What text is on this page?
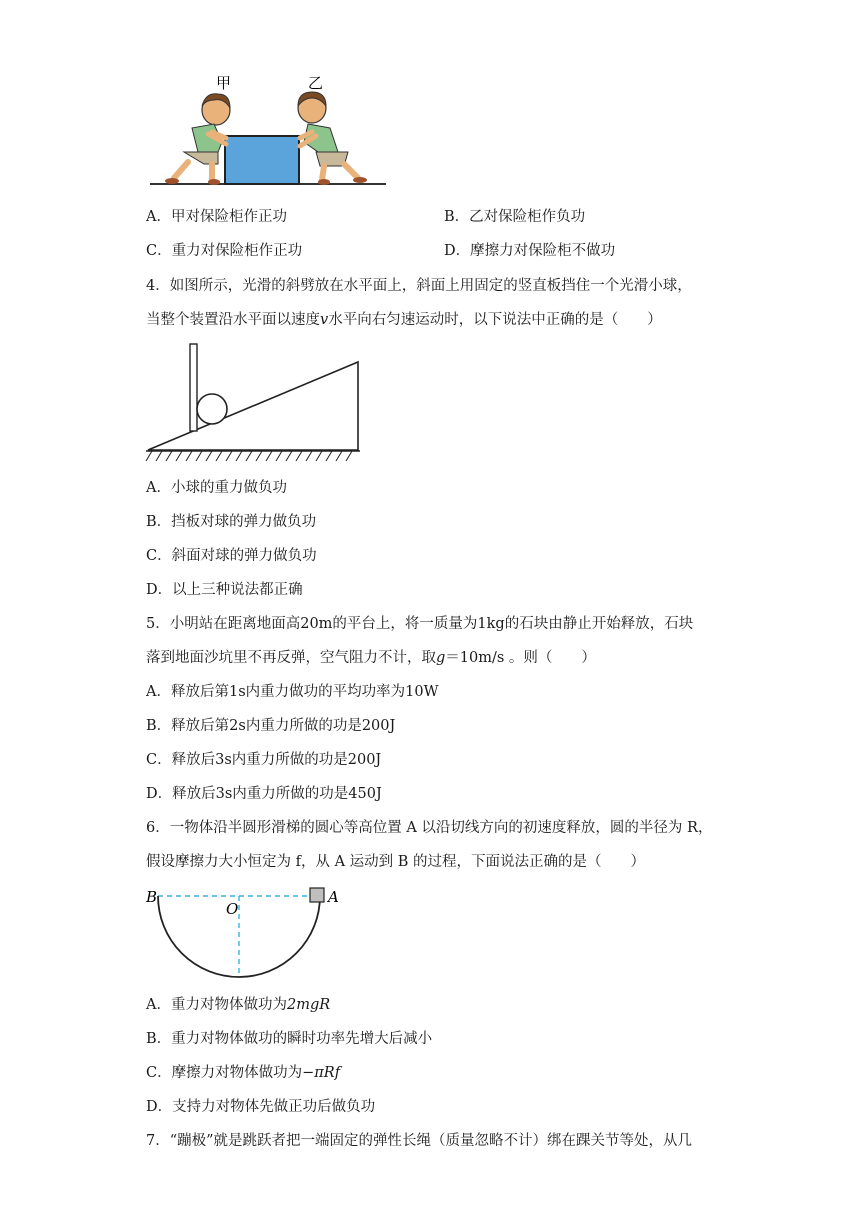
甲	乙
A．甲对保险柜作正功	B．乙对保险柜作负功
C．重力对保险柜作正功	D．摩擦力对保险柜不做功
4．如图所示，光滑的斜劈放在水平面上，斜面上用固定的竖直板挡住一个光滑小球，
当整个装置沿水平面以速度v水平向右匀速运动时，以下说法中正确的是（　　）
A．小球的重力做负功
B．挡板对球的弹力做负功
C．斜面对球的弹力做负功
D．以上三种说法都正确
5．小明站在距离地面高20m的平台上，将一质量为1kg的石块由静止开始释放，石块
落到地面沙坑里不再反弹，空气阻力不计，取g＝10m/s 。则（　　）
A．释放后第1s内重力做功的平均功率为10W
B．释放后第2s内重力所做的功是200J
C．释放后3s内重力所做的功是200J
D．释放后3s内重力所做的功是450J
6．一物体沿半圆形滑梯的圆心等高位置 A 以沿切线方向的初速度释放，圆的半径为 R，
假设摩擦力大小恒定为 f，从 A 运动到 B 的过程，下面说法正确的是（　　）
B
O
A
A．重力对物体做功为2mgR
B．重力对物体做功的瞬时功率先增大后减小
C．摩擦力对物体做功为−πRf
D．支持力对物体先做正功后做负功
7．“蹦极”就是跳跃者把一端固定的弹性长绳（质量忽略不计）绑在踝关节等处，从几
